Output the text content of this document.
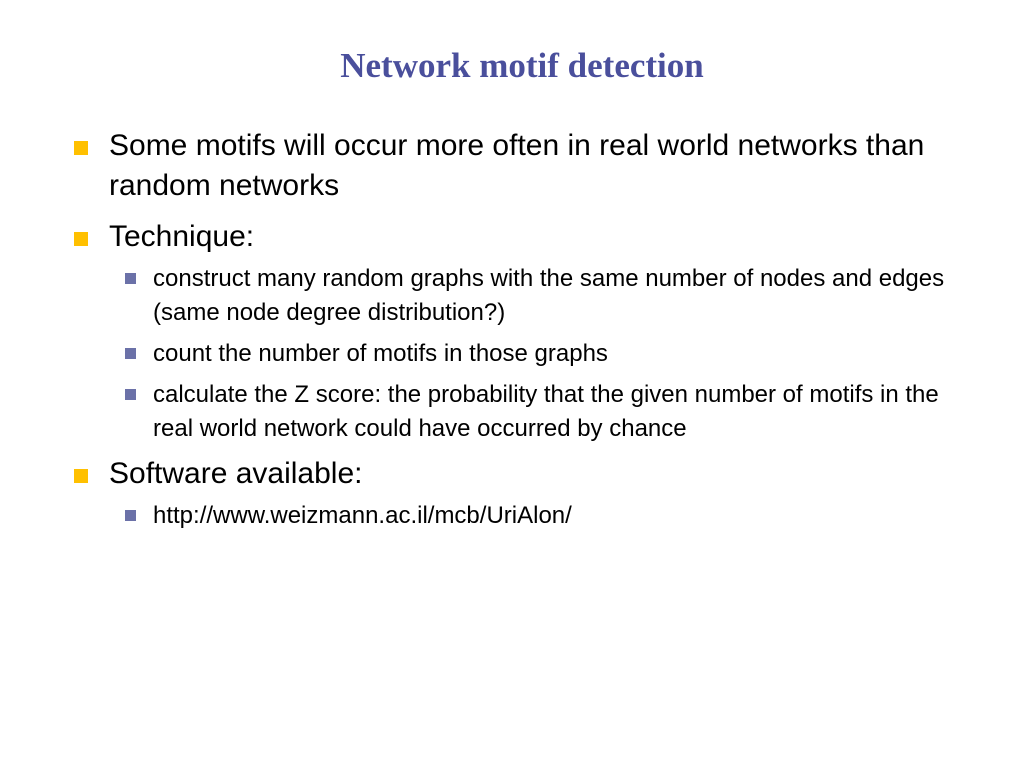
Network motif detection
Some motifs will occur more often in real world networks than random networks
Technique:
construct many random graphs with the same number of nodes and edges (same node degree distribution?)
count the number of motifs in those graphs
calculate the Z score: the probability that the given number of motifs in the real world network could have occurred by chance
Software available:
http://www.weizmann.ac.il/mcb/UriAlon/
